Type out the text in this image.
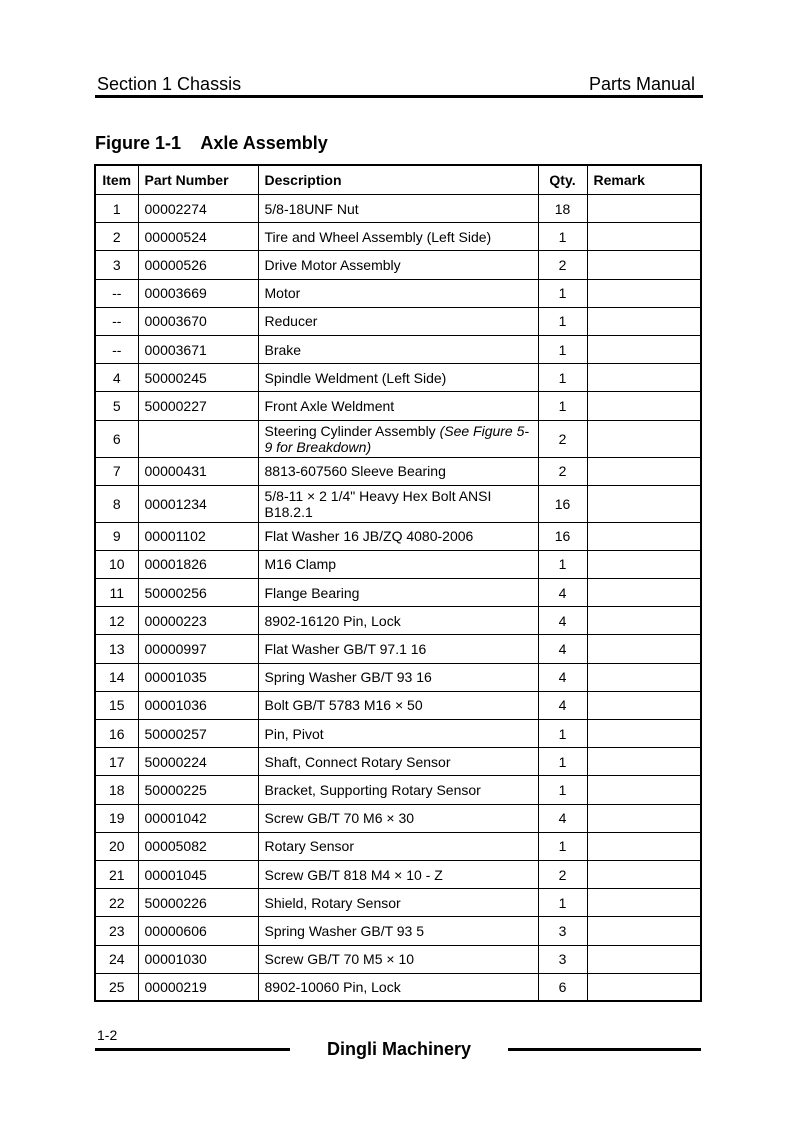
Section 1 Chassis	Parts Manual
Figure 1-1    Axle Assembly
Item	Part Number	Description	Qty.	Remark
1	00002274	5/8-18UNF Nut	18	
2	00000524	Tire and Wheel Assembly (Left Side)	1	
3	00000526	Drive Motor Assembly	2	
--	00003669	Motor	1	
--	00003670	Reducer	1	
--	00003671	Brake	1	
4	50000245	Spindle Weldment (Left Side)	1	
5	50000227	Front Axle Weldment	1	
6		Steering Cylinder Assembly (See Figure 5-9 for Breakdown)	2	
7	00000431	8813-607560 Sleeve Bearing	2	
8	00001234	5/8-11 × 2 1/4" Heavy Hex Bolt ANSI B18.2.1	16	
9	00001102	Flat Washer 16 JB/ZQ 4080-2006	16	
10	00001826	M16 Clamp	1	
11	50000256	Flange Bearing	4	
12	00000223	8902-16120 Pin, Lock	4	
13	00000997	Flat Washer GB/T 97.1 16	4	
14	00001035	Spring Washer GB/T 93 16	4	
15	00001036	Bolt GB/T 5783 M16 × 50	4	
16	50000257	Pin, Pivot	1	
17	50000224	Shaft, Connect Rotary Sensor	1	
18	50000225	Bracket, Supporting Rotary Sensor	1	
19	00001042	Screw GB/T 70 M6 × 30	4	
20	00005082	Rotary Sensor	1	
21	00001045	Screw GB/T 818 M4 × 10 - Z	2	
22	50000226	Shield, Rotary Sensor	1	
23	00000606	Spring Washer GB/T 93 5	3	
24	00001030	Screw GB/T 70 M5 × 10	3	
25	00000219	8902-10060 Pin, Lock	6	
1-2
Dingli Machinery
